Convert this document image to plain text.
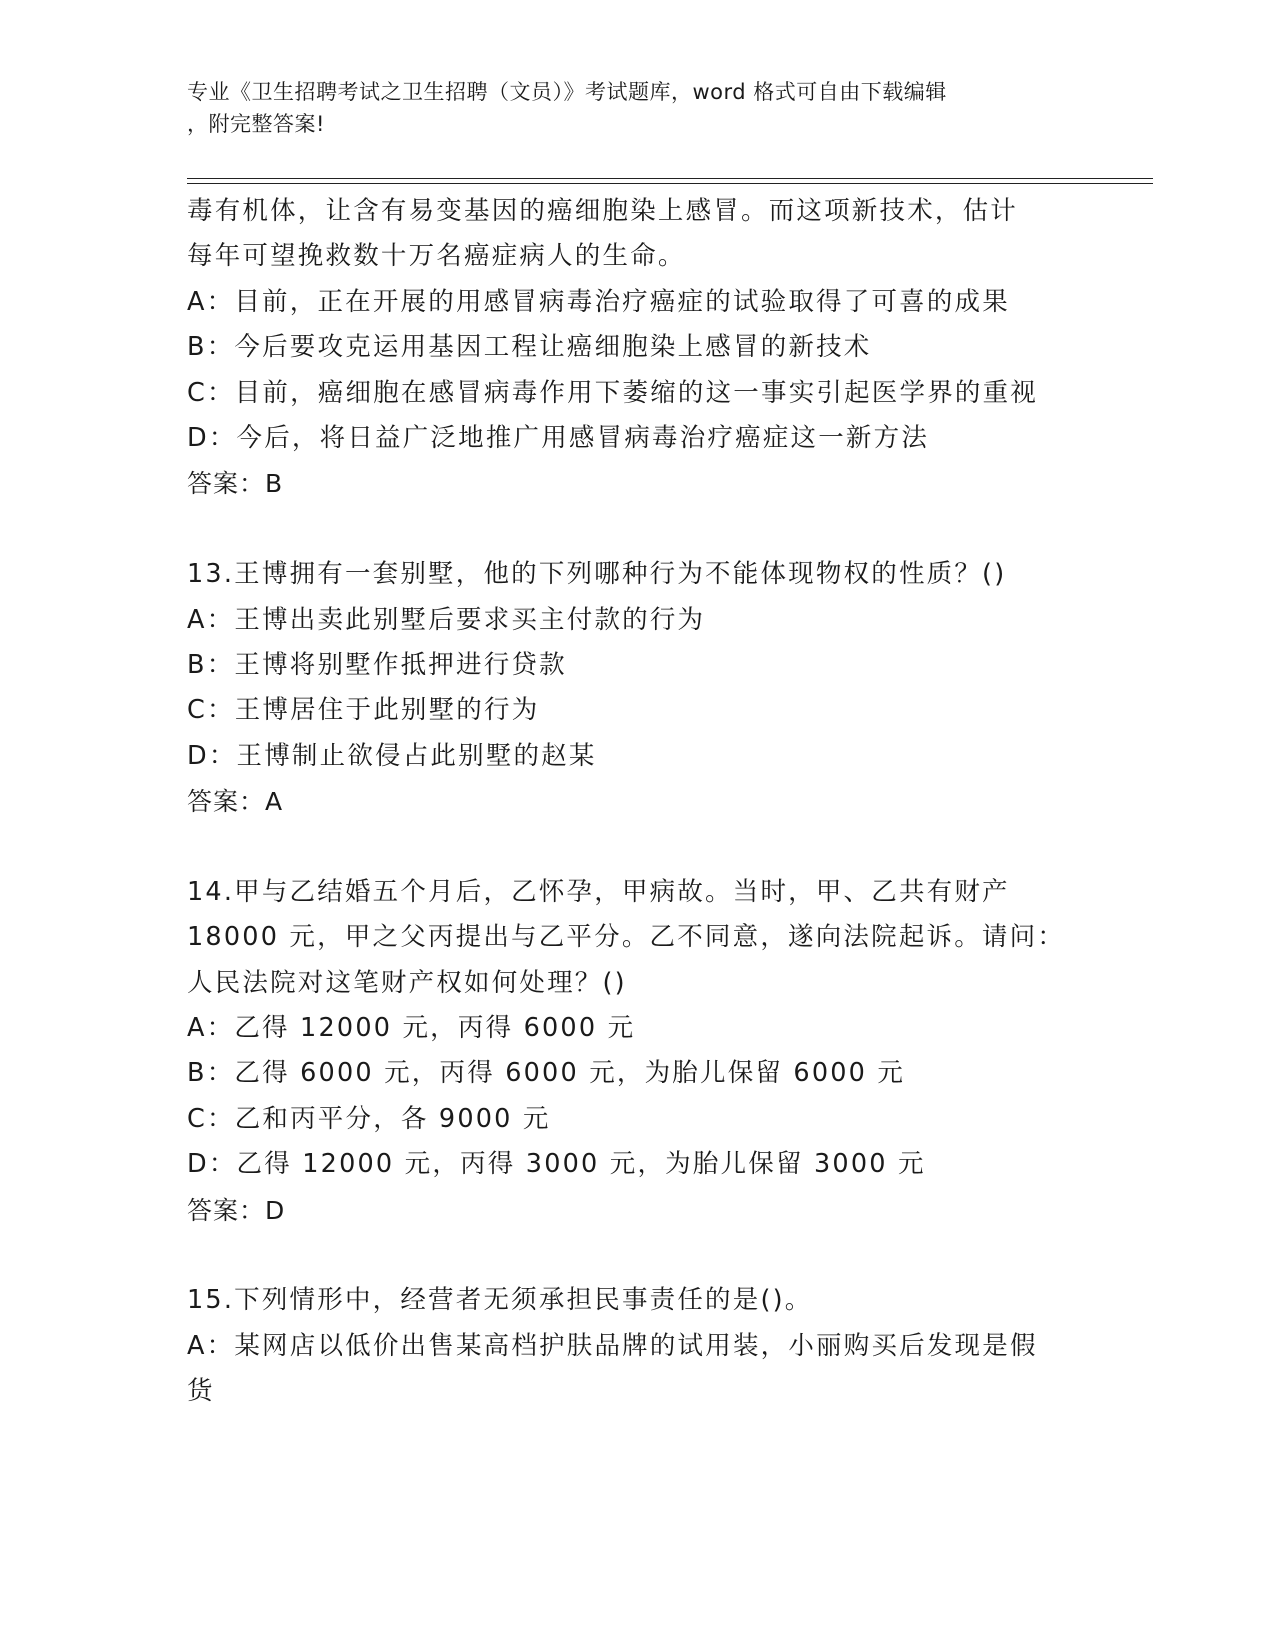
专业《卫生招聘考试之卫生招聘（文员）》考试题库，word 格式可自由下载编辑
，附完整答案!
毒有机体，让含有易变基因的癌细胞染上感冒。而这项新技术，估计
每年可望挽救数十万名癌症病人的生命。
A：目前，正在开展的用感冒病毒治疗癌症的试验取得了可喜的成果
B：今后要攻克运用基因工程让癌细胞染上感冒的新技术
C：目前，癌细胞在感冒病毒作用下萎缩的这一事实引起医学界的重视
D：今后，将日益广泛地推广用感冒病毒治疗癌症这一新方法
答案：B
13.王博拥有一套别墅，他的下列哪种行为不能体现物权的性质？()
A：王博出卖此别墅后要求买主付款的行为
B：王博将别墅作抵押进行贷款
C：王博居住于此别墅的行为
D：王博制止欲侵占此别墅的赵某
答案：A
14.甲与乙结婚五个月后，乙怀孕，甲病故。当时，甲、乙共有财产
18000 元，甲之父丙提出与乙平分。乙不同意，遂向法院起诉。请问：
人民法院对这笔财产权如何处理？()
A：乙得 12000 元，丙得 6000 元
B：乙得 6000 元，丙得 6000 元，为胎儿保留 6000 元
C：乙和丙平分，各 9000 元
D：乙得 12000 元，丙得 3000 元，为胎儿保留 3000 元
答案：D
15.下列情形中，经营者无须承担民事责任的是()。
A：某网店以低价出售某高档护肤品牌的试用装，小丽购买后发现是假
货
